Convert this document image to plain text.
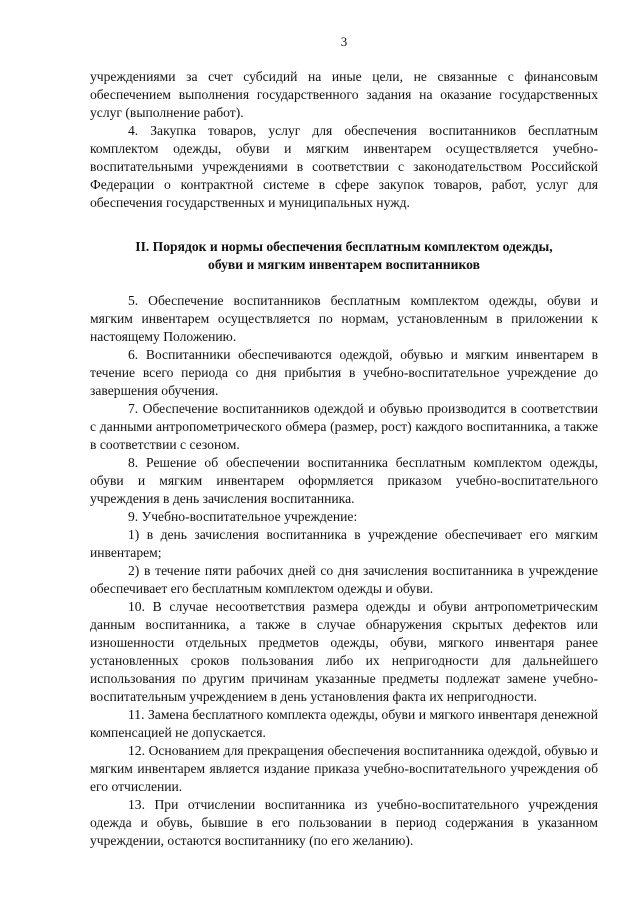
3

учреждениями за счет субсидий на иные цели, не связанные с финансовым обеспечением выполнения государственного задания на оказание государственных услуг (выполнение работ).

4. Закупка товаров, услуг для обеспечения воспитанников бесплатным комплектом одежды, обуви и мягким инвентарем осуществляется учебно-воспитательными учреждениями в соответствии с законодательством Российской Федерации о контрактной системе в сфере закупок товаров, работ, услуг для обеспечения государственных и муниципальных нужд.

II. Порядок и нормы обеспечения бесплатным комплектом одежды,
обуви и мягким инвентарем воспитанников

5. Обеспечение воспитанников бесплатным комплектом одежды, обуви и мягким инвентарем осуществляется по нормам, установленным в приложении к настоящему Положению.

6. Воспитанники обеспечиваются одеждой, обувью и мягким инвентарем в течение всего периода со дня прибытия в учебно-воспитательное учреждение до завершения обучения.

7. Обеспечение воспитанников одеждой и обувью производится в соответствии с данными антропометрического обмера (размер, рост) каждого воспитанника, а также в соответствии с сезоном.

8. Решение об обеспечении воспитанника бесплатным комплектом одежды, обуви и мягким инвентарем оформляется приказом учебно-воспитательного учреждения в день зачисления воспитанника.

9. Учебно-воспитательное учреждение:

1) в день зачисления воспитанника в учреждение обеспечивает его мягким инвентарем;

2) в течение пяти рабочих дней со дня зачисления воспитанника в учреждение обеспечивает его бесплатным комплектом одежды и обуви.

10. В случае несоответствия размера одежды и обуви антропометрическим данным воспитанника, а также в случае обнаружения скрытых дефектов или изношенности отдельных предметов одежды, обуви, мягкого инвентаря ранее установленных сроков пользования либо их непригодности для дальнейшего использования по другим причинам указанные предметы подлежат замене учебно-воспитательным учреждением в день установления факта их непригодности.

11. Замена бесплатного комплекта одежды, обуви и мягкого инвентаря денежной компенсацией не допускается.

12. Основанием для прекращения обеспечения воспитанника одеждой, обувью и мягким инвентарем является издание приказа учебно-воспитательного учреждения об его отчислении.

13. При отчислении воспитанника из учебно-воспитательного учреждения одежда и обувь, бывшие в его пользовании в период содержания в указанном учреждении, остаются воспитаннику (по его желанию).
